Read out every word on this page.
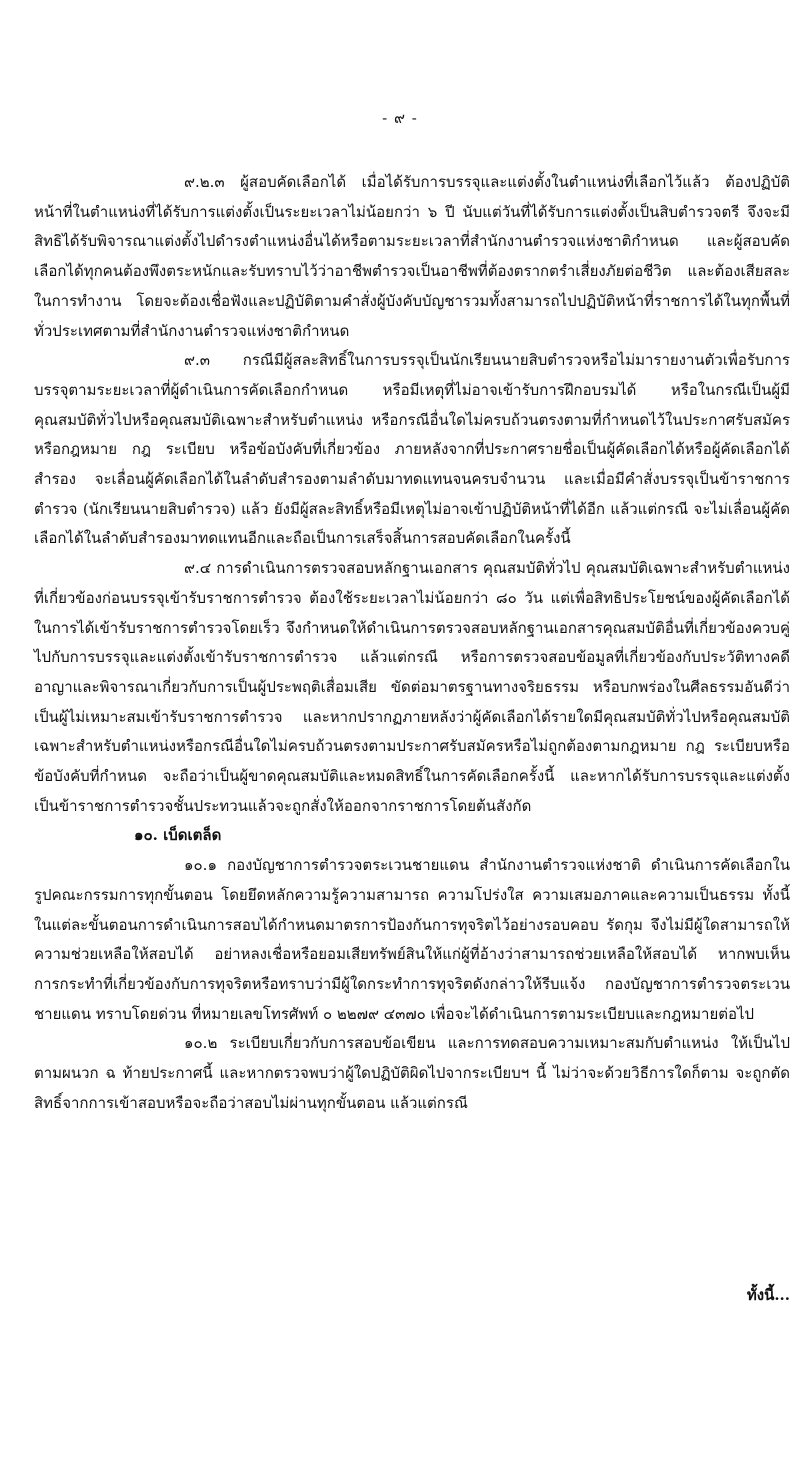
- ๙ -

๙.๒.๓ ผู้สอบคัดเลือกได้ เมื่อได้รับการบรรจุและแต่งตั้งในตำแหน่งที่เลือกไว้แล้ว ต้องปฏิบัติหน้าที่ในตำแหน่งที่ได้รับการแต่งตั้งเป็นระยะเวลาไม่น้อยกว่า ๖ ปี นับแต่วันที่ได้รับการแต่งตั้งเป็นสิบตำรวจตรี จึงจะมีสิทธิได้รับพิจารณาแต่งตั้งไปดำรงตำแหน่งอื่นได้หรือตามระยะเวลาที่สำนักงานตำรวจแห่งชาติกำหนด และผู้สอบคัดเลือกได้ทุกคนต้องพึงตระหนักและรับทราบไว้ว่าอาชีพตำรวจเป็นอาชีพที่ต้องตรากตรำเสี่ยงภัยต่อชีวิต และต้องเสียสละในการทำงาน โดยจะต้องเชื่อฟังและปฏิบัติตามคำสั่งผู้บังคับบัญชารวมทั้งสามารถไปปฏิบัติหน้าที่ราชการได้ในทุกพื้นที่ทั่วประเทศตามที่สำนักงานตำรวจแห่งชาติกำหนด

๙.๓ กรณีมีผู้สละสิทธิ์ในการบรรจุเป็นนักเรียนนายสิบตำรวจหรือไม่มารายงานตัวเพื่อรับการบรรจุตามระยะเวลาที่ผู้ดำเนินการคัดเลือกกำหนด หรือมีเหตุที่ไม่อาจเข้ารับการฝึกอบรมได้ หรือในกรณีเป็นผู้มีคุณสมบัติทั่วไปหรือคุณสมบัติเฉพาะสำหรับตำแหน่ง หรือกรณีอื่นใดไม่ครบถ้วนตรงตามที่กำหนดไว้ในประกาศรับสมัคร หรือกฎหมาย กฎ ระเบียบ หรือข้อบังคับที่เกี่ยวข้อง ภายหลังจากที่ประกาศรายชื่อเป็นผู้คัดเลือกได้หรือผู้คัดเลือกได้สำรอง จะเลื่อนผู้คัดเลือกได้ในลำดับสำรองตามลำดับมาทดแทนจนครบจำนวน และเมื่อมีคำสั่งบรรจุเป็นข้าราชการตำรวจ (นักเรียนนายสิบตำรวจ) แล้ว ยังมีผู้สละสิทธิ์หรือมีเหตุไม่อาจเข้าปฏิบัติหน้าที่ได้อีก แล้วแต่กรณี จะไม่เลื่อนผู้คัดเลือกได้ในลำดับสำรองมาทดแทนอีกและถือเป็นการเสร็จสิ้นการสอบคัดเลือกในครั้งนี้

๙.๔ การดำเนินการตรวจสอบหลักฐานเอกสาร คุณสมบัติทั่วไป คุณสมบัติเฉพาะสำหรับตำแหน่งที่เกี่ยวข้องก่อนบรรจุเข้ารับราชการตำรวจ ต้องใช้ระยะเวลาไม่น้อยกว่า ๘๐ วัน แต่เพื่อสิทธิประโยชน์ของผู้คัดเลือกได้ในการได้เข้ารับราชการตำรวจโดยเร็ว จึงกำหนดให้ดำเนินการตรวจสอบหลักฐานเอกสารคุณสมบัติอื่นที่เกี่ยวข้องควบคู่ไปกับการบรรจุและแต่งตั้งเข้ารับราชการตำรวจ แล้วแต่กรณี หรือการตรวจสอบข้อมูลที่เกี่ยวข้องกับประวัติทางคดีอาญาและพิจารณาเกี่ยวกับการเป็นผู้ประพฤติเสื่อมเสีย ขัดต่อมาตรฐานทางจริยธรรม หรือบกพร่องในศีลธรรมอันดีว่าเป็นผู้ไม่เหมาะสมเข้ารับราชการตำรวจ และหากปรากฏภายหลังว่าผู้คัดเลือกได้รายใดมีคุณสมบัติทั่วไปหรือคุณสมบัติเฉพาะสำหรับตำแหน่งหรือกรณีอื่นใดไม่ครบถ้วนตรงตามประกาศรับสมัครหรือไม่ถูกต้องตามกฎหมาย กฎ ระเบียบหรือข้อบังคับที่กำหนด จะถือว่าเป็นผู้ขาดคุณสมบัติและหมดสิทธิ์ในการคัดเลือกครั้งนี้ และหากได้รับการบรรจุและแต่งตั้งเป็นข้าราชการตำรวจชั้นประทวนแล้วจะถูกสั่งให้ออกจากราชการโดยต้นสังกัด

๑๐. เบ็ดเตล็ด

๑๐.๑ กองบัญชาการตำรวจตระเวนชายแดน สำนักงานตำรวจแห่งชาติ ดำเนินการคัดเลือกในรูปคณะกรรมการทุกขั้นตอน โดยยึดหลักความรู้ความสามารถ ความโปร่งใส ความเสมอภาคและความเป็นธรรม ทั้งนี้ ในแต่ละขั้นตอนการดำเนินการสอบได้กำหนดมาตรการป้องกันการทุจริตไว้อย่างรอบคอบ รัดกุม จึงไม่มีผู้ใดสามารถให้ความช่วยเหลือให้สอบได้ อย่าหลงเชื่อหรือยอมเสียทรัพย์สินให้แก่ผู้ที่อ้างว่าสามารถช่วยเหลือให้สอบได้ หากพบเห็นการกระทำที่เกี่ยวข้องกับการทุจริตหรือทราบว่ามีผู้ใดกระทำการทุจริตดังกล่าวให้รีบแจ้ง กองบัญชาการตำรวจตระเวนชายแดน ทราบโดยด่วน ที่หมายเลขโทรศัพท์ ๐ ๒๒๗๙ ๔๓๗๐ เพื่อจะได้ดำเนินการตามระเบียบและกฎหมายต่อไป

๑๐.๒ ระเบียบเกี่ยวกับการสอบข้อเขียน และการทดสอบความเหมาะสมกับตำแหน่ง ให้เป็นไปตามผนวก ฉ ท้ายประกาศนี้ และหากตรวจพบว่าผู้ใดปฏิบัติผิดไปจากระเบียบฯ นี้ ไม่ว่าจะด้วยวิธีการใดก็ตาม จะถูกตัดสิทธิ์จากการเข้าสอบหรือจะถือว่าสอบไม่ผ่านทุกขั้นตอน แล้วแต่กรณี

ทั้งนี้...
